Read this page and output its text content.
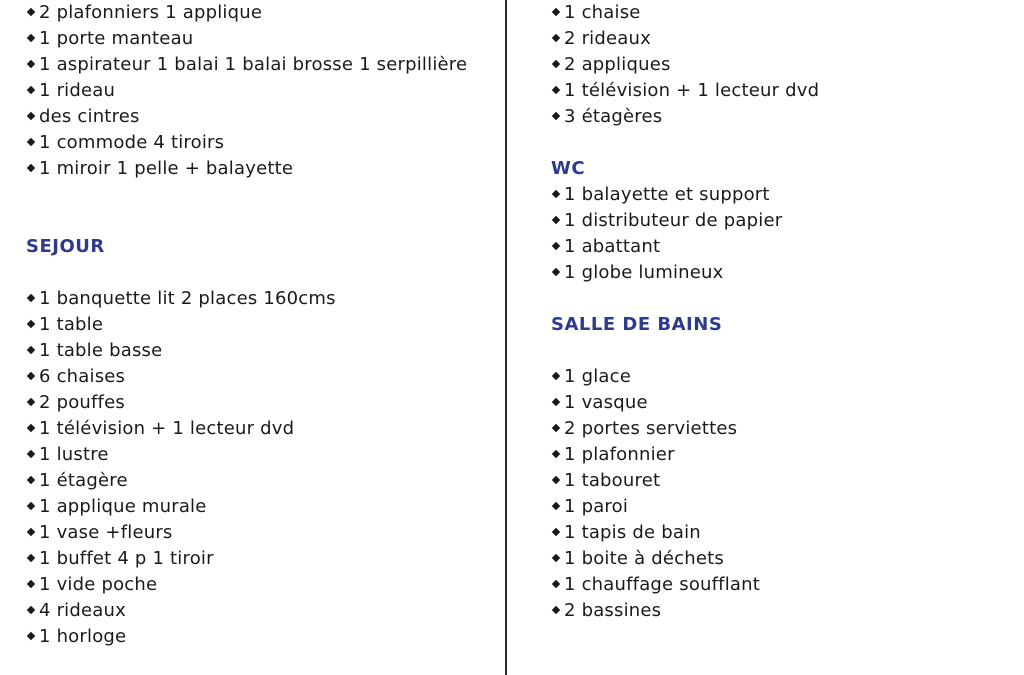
2 plafonniers 1 applique
1 porte manteau
1 aspirateur 1 balai 1 balai brosse 1 serpillière
1 rideau
des cintres
1 commode 4 tiroirs
1 miroir 1 pelle + balayette
SEJOUR
1 banquette lit 2 places 160cms
1 table
1 table basse
6 chaises
2 pouffes
1 télévision + 1 lecteur dvd
1 lustre
1 étagère
1 applique murale
1 vase +fleurs
1 buffet 4 p 1 tiroir
1 vide poche
4 rideaux
1 horloge
1 chaise
2 rideaux
2 appliques
1 télévision + 1 lecteur dvd
3 étagères
WC
1 balayette et support
1 distributeur de papier
1 abattant
1 globe lumineux
SALLE DE BAINS
1 glace
1 vasque
2 portes serviettes
1 plafonnier
1 tabouret
1 paroi
1 tapis de bain
1 boite à déchets
1 chauffage soufflant
2 bassines
